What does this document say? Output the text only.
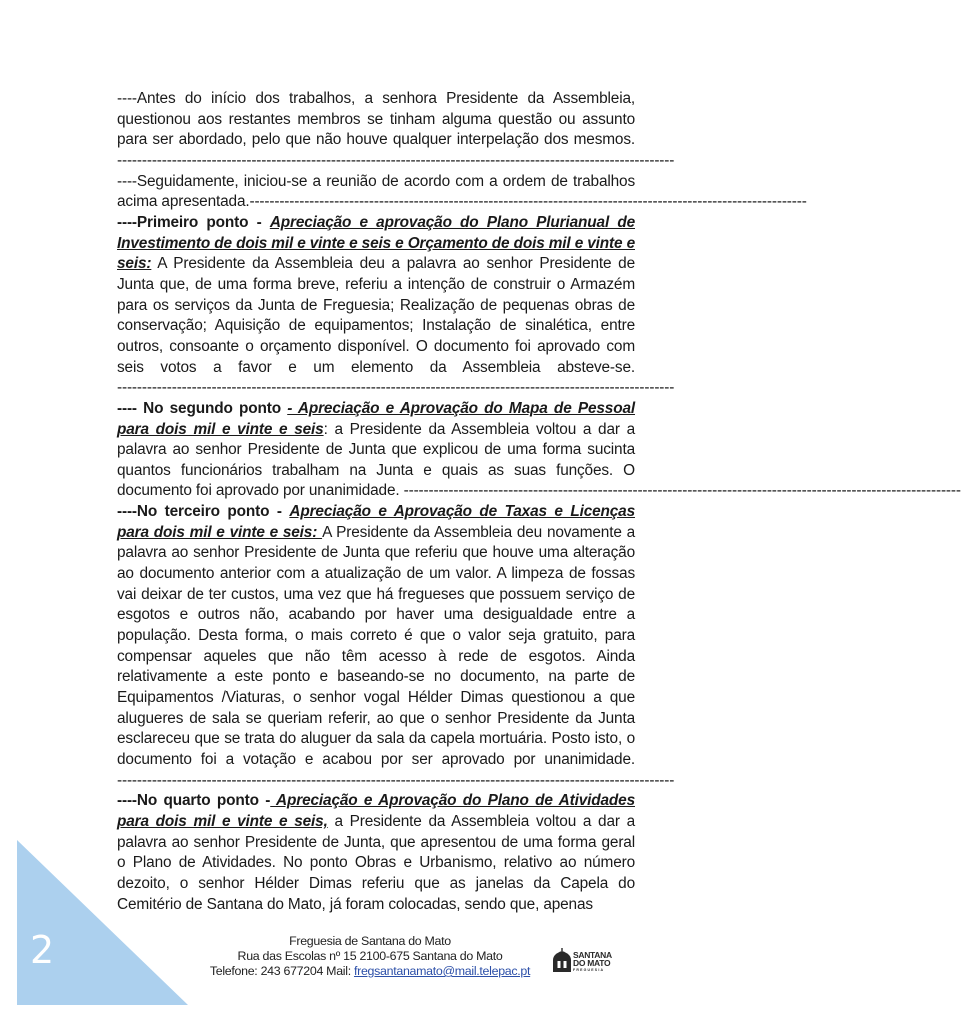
2

----Antes do início dos trabalhos, a senhora Presidente da Assembleia, questionou aos restantes membros se tinham alguma questão ou assunto para ser abordado, pelo que não houve qualquer interpelação dos mesmos.----------------------------------------------------------------------------------------------------------------

----Seguidamente, iniciou-se a reunião de acordo com a ordem de trabalhos acima apresentada.----------------------------------------------------------------------------------------------------------------

----Primeiro ponto - Apreciação e aprovação do Plano Plurianual de Investimento de dois mil e vinte e seis e Orçamento de dois mil e vinte e seis: A Presidente da Assembleia deu a palavra ao senhor Presidente de Junta que, de uma forma breve, referiu a intenção de construir o Armazém para os serviços da Junta de Freguesia; Realização de pequenas obras de conservação; Aquisição de equipamentos; Instalação de sinalética, entre outros, consoante o orçamento disponível. O documento foi aprovado com seis votos a favor e um elemento da Assembleia absteve-se.----------------------------------------------------------------------------------------------------------------

---- No segundo ponto - Apreciação e Aprovação do Mapa de Pessoal para dois mil e vinte e seis: a Presidente da Assembleia voltou a dar a palavra ao senhor Presidente de Junta que explicou de uma forma sucinta quantos funcionários trabalham na Junta e quais as suas funções. O documento foi aprovado por unanimidade. ----------------------------------------------------------------------------------------------------------------

----No terceiro ponto - Apreciação e Aprovação de Taxas e Licenças para dois mil e vinte e seis: A Presidente da Assembleia deu novamente a palavra ao senhor Presidente de Junta que referiu que houve uma alteração ao documento anterior com a atualização de um valor. A limpeza de fossas vai deixar de ter custos, uma vez que há fregueses que possuem serviço de esgotos e outros não, acabando por haver uma desigualdade entre a população. Desta forma, o mais correto é que o valor seja gratuito, para compensar aqueles que não têm acesso à rede de esgotos. Ainda relativamente a este ponto e baseando-se no documento, na parte de Equipamentos /Viaturas, o senhor vogal Hélder Dimas questionou a que alugueres de sala se queriam referir, ao que o senhor Presidente da Junta esclareceu que se trata do aluguer da sala da capela mortuária. Posto isto, o documento foi a votação e acabou por ser aprovado por unanimidade.----------------------------------------------------------------------------------------------------------------

----No quarto ponto - Apreciação e Aprovação do Plano de Atividades para dois mil e vinte e seis, a Presidente da Assembleia voltou a dar a palavra ao senhor Presidente de Junta, que apresentou de uma forma geral o Plano de Atividades. No ponto Obras e Urbanismo, relativo ao número dezoito, o senhor Hélder Dimas referiu que as janelas da Capela do Cemitério de Santana do Mato, já foram colocadas, sendo que, apenas

Freguesia de Santana do Mato
Rua das Escolas nº 15 2100-675 Santana do Mato
Telefone: 243 677204 Mail: fregsantanamato@mail.telepac.pt
SANTANA
DO MATO
FREGUESIA
